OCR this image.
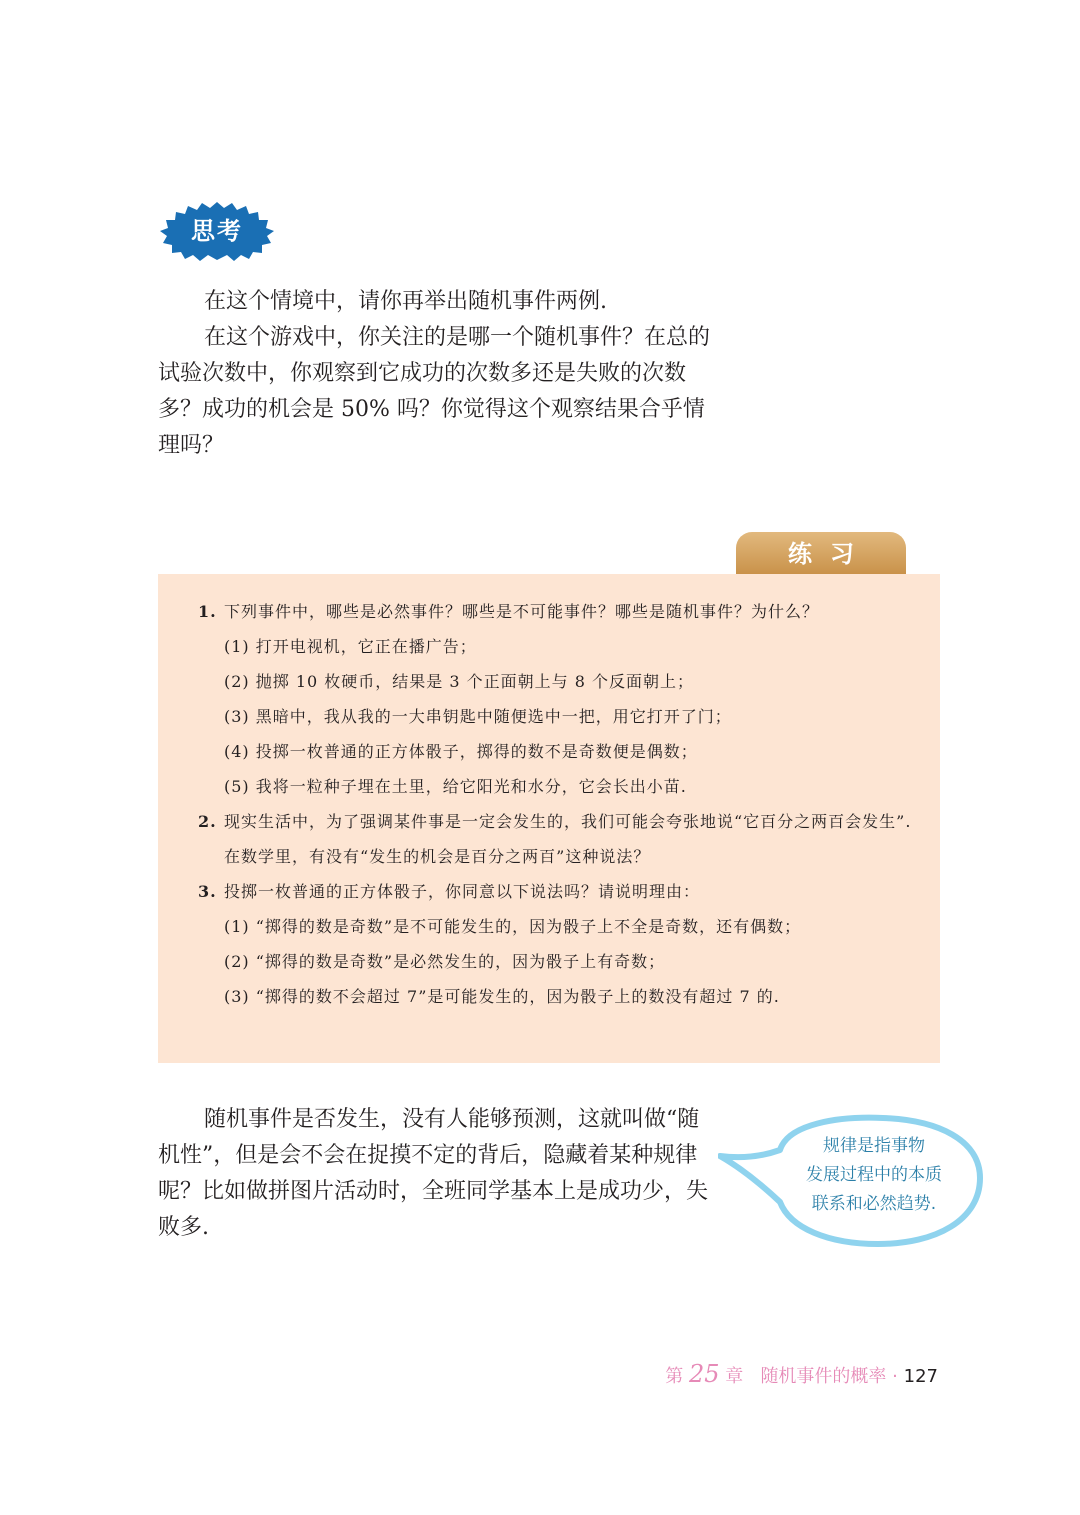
思考

在这个情境中，请你再举出随机事件两例.

在这个游戏中，你关注的是哪一个随机事件？在总的试验次数中，你观察到它成功的次数多还是失败的次数多？成功的机会是 50% 吗？你觉得这个观察结果合乎情理吗？

练习
1. 下列事件中，哪些是必然事件？哪些是不可能事件？哪些是随机事件？为什么？
(1) 打开电视机，它正在播广告；
(2) 抛掷 10 枚硬币，结果是 3 个正面朝上与 8 个反面朝上；
(3) 黑暗中，我从我的一大串钥匙中随便选中一把，用它打开了门；
(4) 投掷一枚普通的正方体骰子，掷得的数不是奇数便是偶数；
(5) 我将一粒种子埋在土里，给它阳光和水分，它会长出小苗.
2. 现实生活中，为了强调某件事是一定会发生的，我们可能会夸张地说“它百分之两百会发生”. 在数学里，有没有“发生的机会是百分之两百”这种说法？
3. 投掷一枚普通的正方体骰子，你同意以下说法吗？请说明理由：
(1) “掷得的数是奇数”是不可能发生的，因为骰子上不全是奇数，还有偶数；
(2) “掷得的数是奇数”是必然发生的，因为骰子上有奇数；
(3) “掷得的数不会超过 7”是可能发生的，因为骰子上的数没有超过 7 的.

随机事件是否发生，没有人能够预测，这就叫做“随机性”，但是会不会在捉摸不定的背后，隐藏着某种规律呢？比如做拼图片活动时，全班同学基本上是成功少，失败多.

规律是指事物
发展过程中的本质
联系和必然趋势.
第 25 章 随机事件的概率 · 127
